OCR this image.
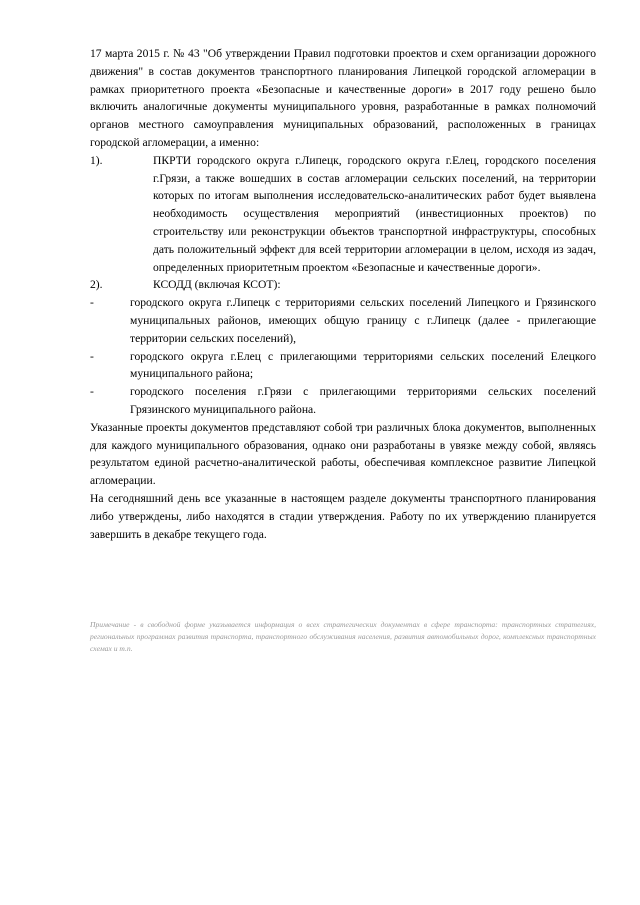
17 марта 2015 г. № 43 "Об утверждении Правил подготовки проектов и схем организации дорожного движения" в состав документов транспортного планирования Липецкой городской агломерации в рамках приоритетного проекта «Безопасные и качественные дороги» в 2017 году решено было включить аналогичные документы муниципального уровня, разработанные в рамках полномочий органов местного самоуправления муниципальных образований, расположенных в границах городской агломерации, а именно:

1).	ПКРТИ городского округа г.Липецк, городского округа г.Елец, городского поселения г.Грязи, а также вошедших в состав агломерации сельских поселений, на территории которых по итогам выполнения исследовательско-аналитических работ будет выявлена необходимость осуществления мероприятий (инвестиционных проектов) по строительству или реконструкции объектов транспортной инфраструктуры, способных дать положительный эффект для всей территории агломерации в целом, исходя из задач, определенных приоритетным проектом «Безопасные и качественные дороги».
2).	КСОДД (включая КСОТ):
-	городского округа г.Липецк с территориями сельских поселений Липецкого и Грязинского муниципальных районов, имеющих общую границу с г.Липецк (далее - прилегающие территории сельских поселений),
-	городского округа г.Елец с прилегающими территориями сельских поселений Елецкого муниципального района;
-	городского поселения г.Грязи с прилегающими территориями сельских поселений Грязинского муниципального района.

Указанные проекты документов представляют собой три различных блока документов, выполненных для каждого муниципального образования, однако они разработаны в увязке между собой, являясь результатом единой расчетно-аналитической работы, обеспечивая комплексное развитие Липецкой агломерации.

На сегодняшний день все указанные в настоящем разделе документы транспортного планирования либо утверждены, либо находятся в стадии утверждения. Работу по их утверждению планируется завершить в декабре текущего года.

Примечание - в свободной форме указывается информация о всех стратегических документах в сфере транспорта: транспортных стратегиях, региональных программах развития транспорта, транспортного обслуживания населения, развития автомобильных дорог, комплексных транспортных схемах и т.п.
